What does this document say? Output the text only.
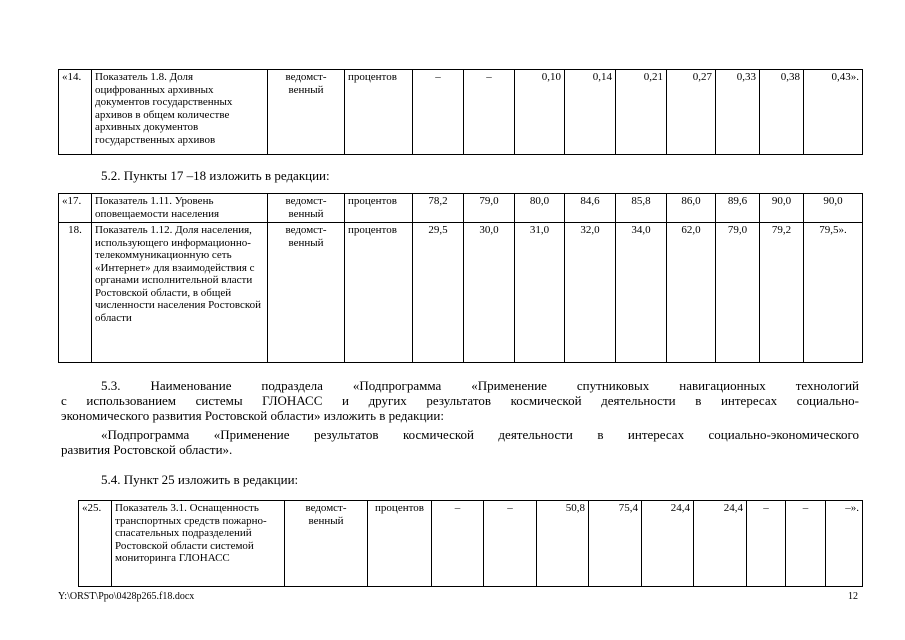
«14.	Показатель 1.8. Доля оцифрованных архивных документов государственных архивов в общем количестве архивных документов государственных архивов	ведомст-венный	процентов	–	–	0,10	0,14	0,21	0,27	0,33	0,38	0,43».
5.2. Пункты 17 –18 изложить в редакции:
«17.	Показатель 1.11. Уровень оповещаемости населения	ведомст-венный	процентов	78,2	79,0	80,0	84,6	85,8	86,0	89,6	90,0	90,0
18.	Показатель 1.12. Доля населения, использующего информационно-телекоммуникационную сеть «Интернет» для взаимодействия с органами исполнительной власти Ростовской области, в общей численности населения Ростовской области	ведомст-венный	процентов	29,5	30,0	31,0	32,0	34,0	62,0	79,0	79,2	79,5».
5.3. Наименование подраздела «Подпрограмма «Применение спутниковых навигационных технологий
с использованием системы ГЛОНАСС и других результатов космической деятельности в интересах социально-
экономического развития Ростовской области» изложить в редакции:
«Подпрограмма «Применение результатов космической деятельности в интересах социально-экономического
развития Ростовской области».
5.4. Пункт 25 изложить в редакции:
«25.	Показатель 3.1. Оснащенность транспортных средств пожарно-спасательных подразделений Ростовской области системой мониторинга ГЛОНАСС	ведомст-венный	процентов	–	–	50,8	75,4	24,4	24,4	–	–	–».
Y:\ORST\Ppo\0428p265.f18.docx	12
